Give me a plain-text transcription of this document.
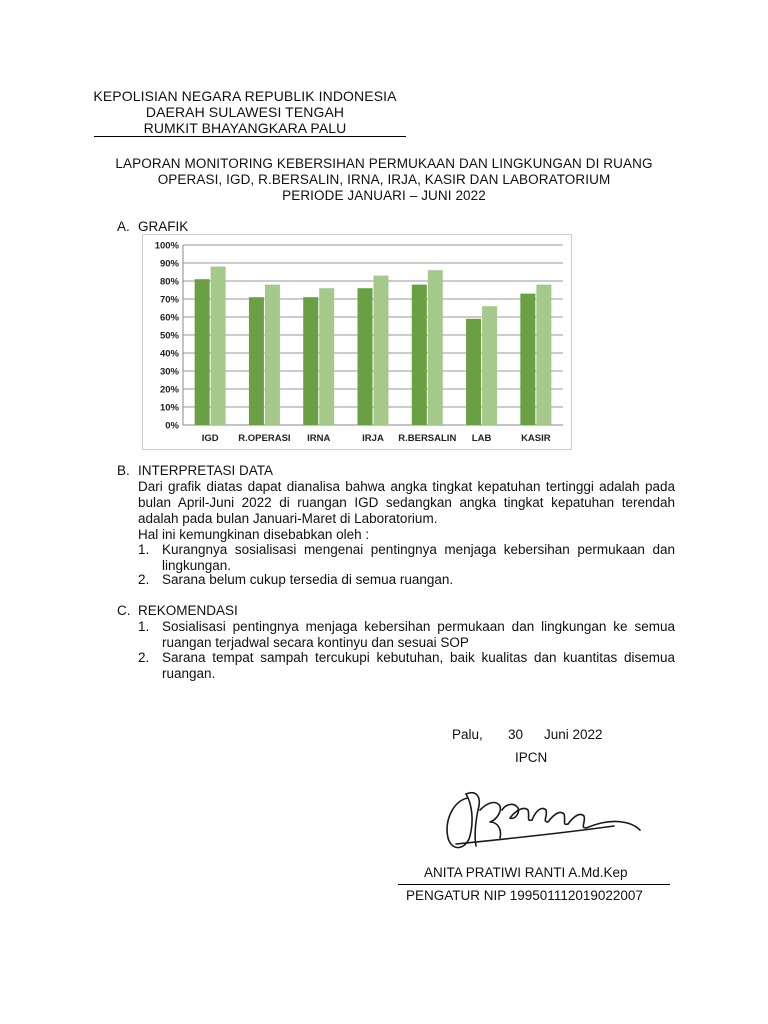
KEPOLISIAN NEGARA REPUBLIK INDONESIA
DAERAH SULAWESI TENGAH
RUMKIT BHAYANGKARA PALU
LAPORAN MONITORING KEBERSIHAN PERMUKAAN DAN LINGKUNGAN DI RUANG
OPERASI, IGD, R.BERSALIN, IRNA, IRJA, KASIR DAN LABORATORIUM
PERIODE JANUARI – JUNI 2022
A. GRAFIK
0%
10%
20%
30%
40%
50%
60%
70%
80%
90%
100%
IGD R.OPERASI IRNA	IRJA R.BERSALIN LAB	KASIR
B. INTERPRETASI DATA
Dari grafik diatas dapat dianalisa bahwa angka tingkat kepatuhan tertinggi adalah pada bulan April-Juni 2022 di ruangan IGD sedangkan angka tingkat kepatuhan terendah adalah pada bulan Januari-Maret di Laboratorium.
Hal ini kemungkinan disebabkan oleh :
1. Kurangnya sosialisasi mengenai pentingnya menjaga kebersihan permukaan dan lingkungan.
2. Sarana belum cukup tersedia di semua ruangan.
C. REKOMENDASI
1. Sosialisasi pentingnya menjaga kebersihan permukaan dan lingkungan ke semua ruangan terjadwal secara kontinyu dan sesuai SOP
2. Sarana tempat sampah tercukupi kebutuhan, baik kualitas dan kuantitas disemua ruangan.
Palu, 30 Juni 2022
IPCN
ANITA PRATIWI RANTI A.Md.Kep
PENGATUR NIP 199501112019022007
